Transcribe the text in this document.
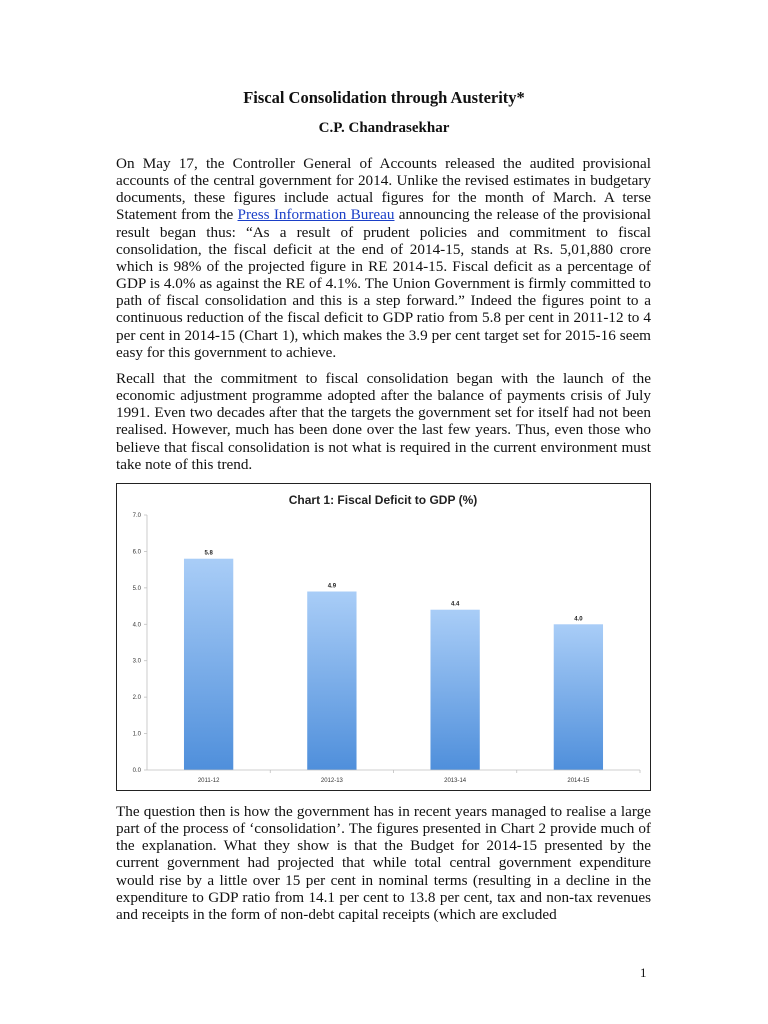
Fiscal Consolidation through Austerity*
C.P. Chandrasekhar

On May 17, the Controller General of Accounts released the audited provisional accounts of the central government for 2014. Unlike the revised estimates in budgetary documents, these figures include actual figures for the month of March. A terse Statement from the Press Information Bureau announcing the release of the provisional result began thus: “As a result of prudent policies and commitment to fiscal consolidation, the fiscal deficit at the end of 2014-15, stands at Rs. 5,01,880 crore which is 98% of the projected figure in RE 2014-15. Fiscal deficit as a percentage of GDP is 4.0% as against the RE of 4.1%. The Union Government is firmly committed to path of fiscal consolidation and this is a step forward.” Indeed the figures point to a continuous reduction of the fiscal deficit to GDP ratio from 5.8 per cent in 2011-12 to 4 per cent in 2014-15 (Chart 1), which makes the 3.9 per cent target set for 2015-16 seem easy for this government to achieve.

Recall that the commitment to fiscal consolidation began with the launch of the economic adjustment programme adopted after the balance of payments crisis of July 1991. Even two decades after that the targets the government set for itself had not been realised. However, much has been done over the last few years. Thus, even those who believe that fiscal consolidation is not what is required in the current environment must take note of this trend.

Chart 1: Fiscal Deficit to GDP (%)
0.0
1.0
2.0
3.0
4.0
5.0
6.0
7.0
5.8
4.9
4.4
4.0
2011-12	2012-13	2013-14	2014-15

The question then is how the government has in recent years managed to realise a large part of the process of ‘consolidation’. The figures presented in Chart 2 provide much of the explanation. What they show is that the Budget for 2014-15 presented by the current government had projected that while total central government expenditure would rise by a little over 15 per cent in nominal terms (resulting in a decline in the expenditure to GDP ratio from 14.1 per cent to 13.8 per cent, tax and non-tax revenues and receipts in the form of non-debt capital receipts (which are excluded

1
